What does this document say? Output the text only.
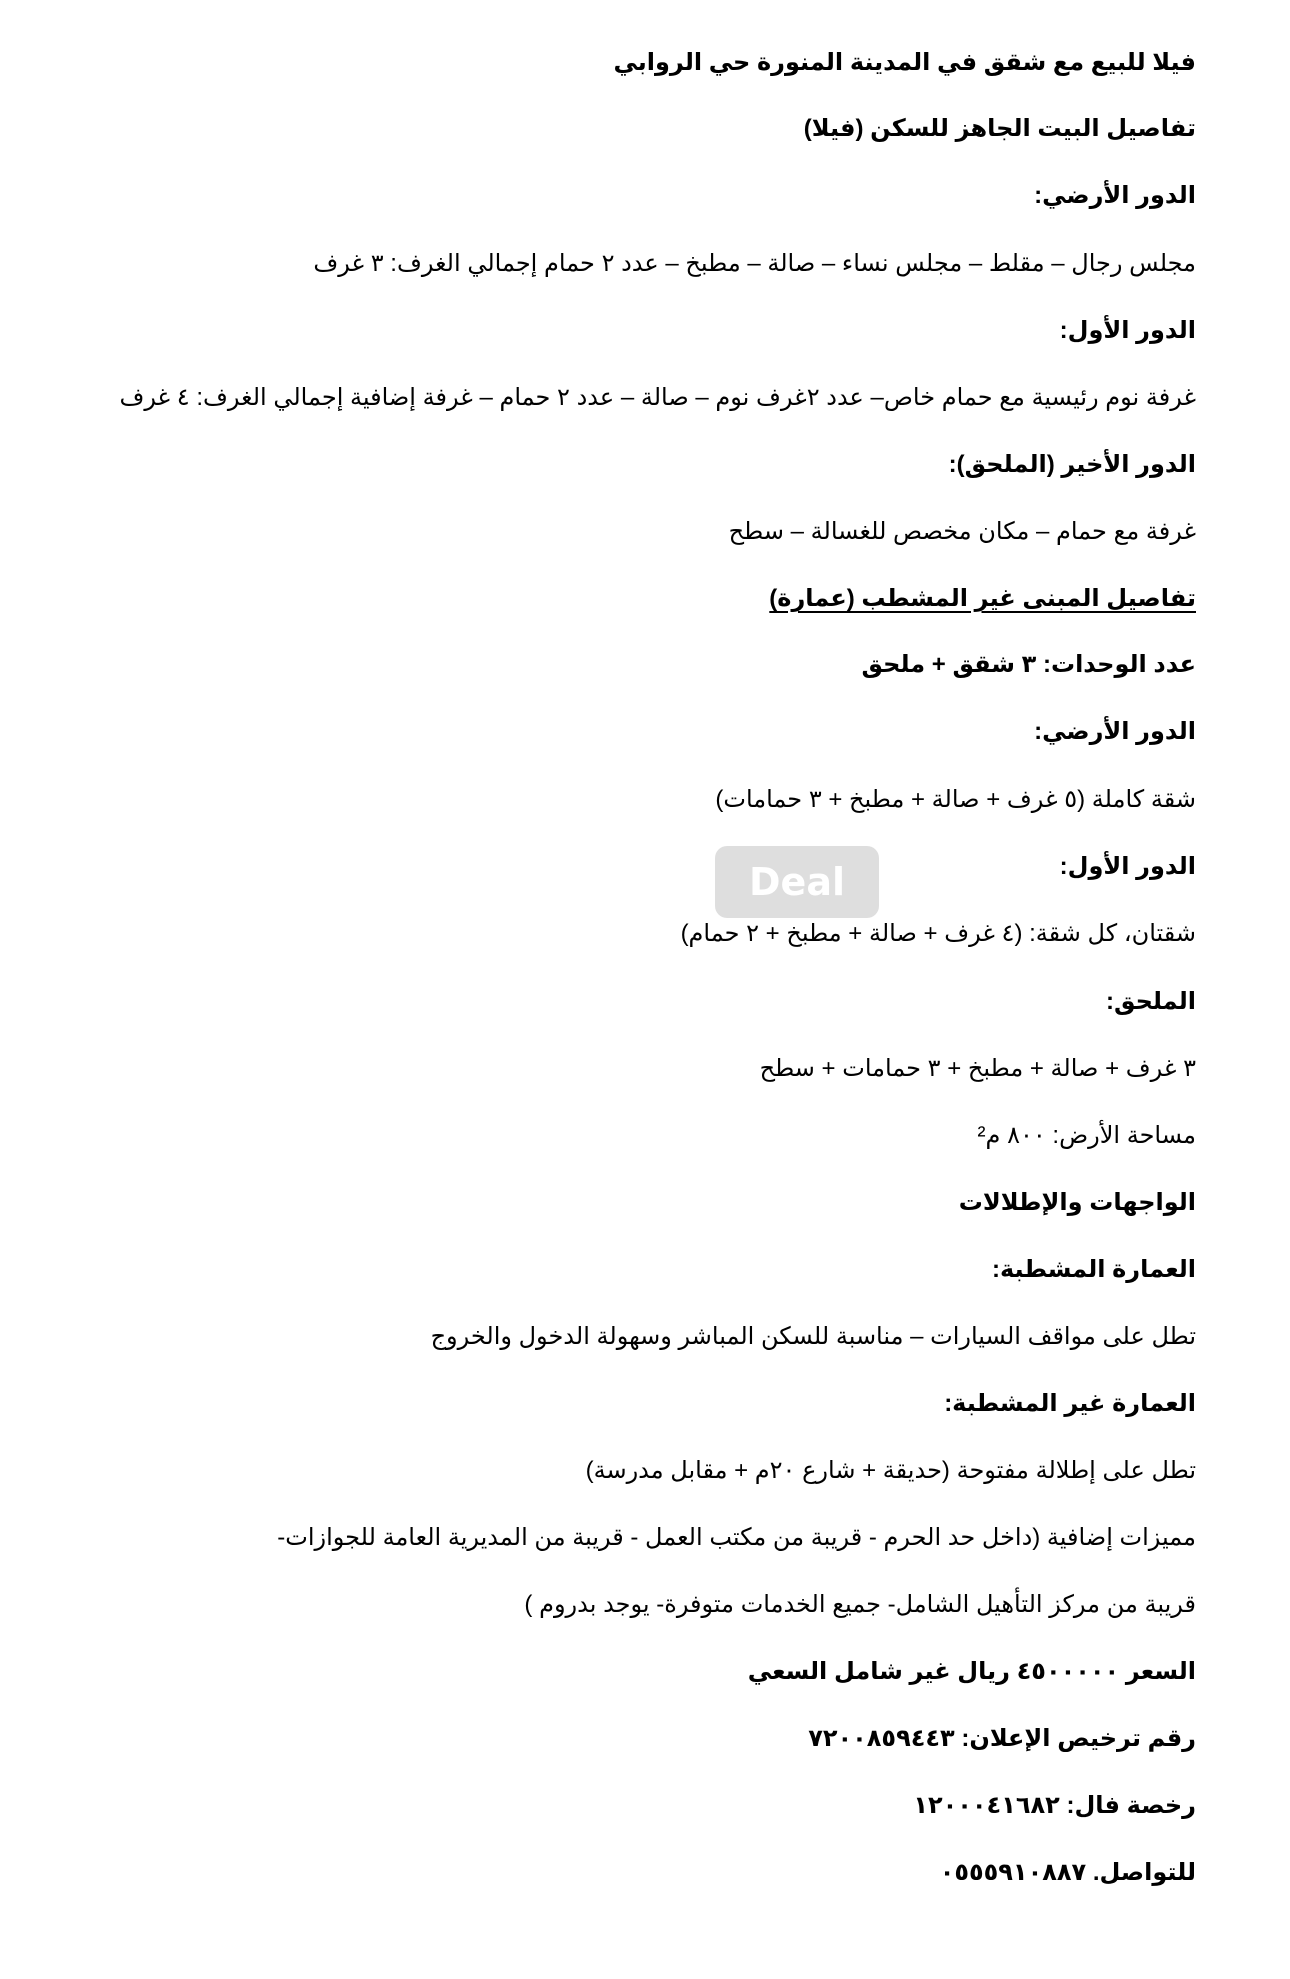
فيلا للبيع مع شقق في المدينة المنورة حي الروابي

تفاصيل البيت الجاهز للسكن (فيلا)

الدور الأرضي:

مجلس رجال – مقلط – مجلس نساء – صالة – مطبخ – عدد ٢ حمام إجمالي الغرف: ٣ غرف

الدور الأول:

غرفة نوم رئيسية مع حمام خاص– عدد ٢غرف نوم – صالة – عدد ٢ حمام – غرفة إضافية إجمالي الغرف: ٤ غرف

الدور الأخير (الملحق):

غرفة مع حمام – مكان مخصص للغسالة – سطح

تفاصيل المبنى غير المشطب (عمارة)

عدد الوحدات: ٣ شقق + ملحق

الدور الأرضي:

شقة كاملة (٥ غرف + صالة + مطبخ + ٣ حمامات)

الدور الأول:

شقتان، كل شقة: (٤ غرف + صالة + مطبخ + ٢ حمام)

الملحق:

٣ غرف + صالة + مطبخ + ٣ حمامات + سطح

مساحة الأرض: ٨٠٠ م²

الواجهات والإطلالات

العمارة المشطبة:

تطل على مواقف السيارات – مناسبة للسكن المباشر وسهولة الدخول والخروج

العمارة غير المشطبة:

تطل على إطلالة مفتوحة (حديقة + شارع ٢٠م + مقابل مدرسة)

مميزات إضافية (داخل حد الحرم - قريبة من مكتب العمل - قريبة من المديرية العامة للجوازات-

قريبة من مركز التأهيل الشامل- جميع الخدمات متوفرة- يوجد بدروم )

السعر ٤٥٠٠٠٠٠ ريال غير شامل السعي

رقم ترخيص الإعلان: ٧٢٠٠٨٥٩٤٤٣

رخصة فال: ١٢٠٠٠٤١٦٨٢

للتواصل. ٠٥٥٥٩١٠٨٨٧

Deal
